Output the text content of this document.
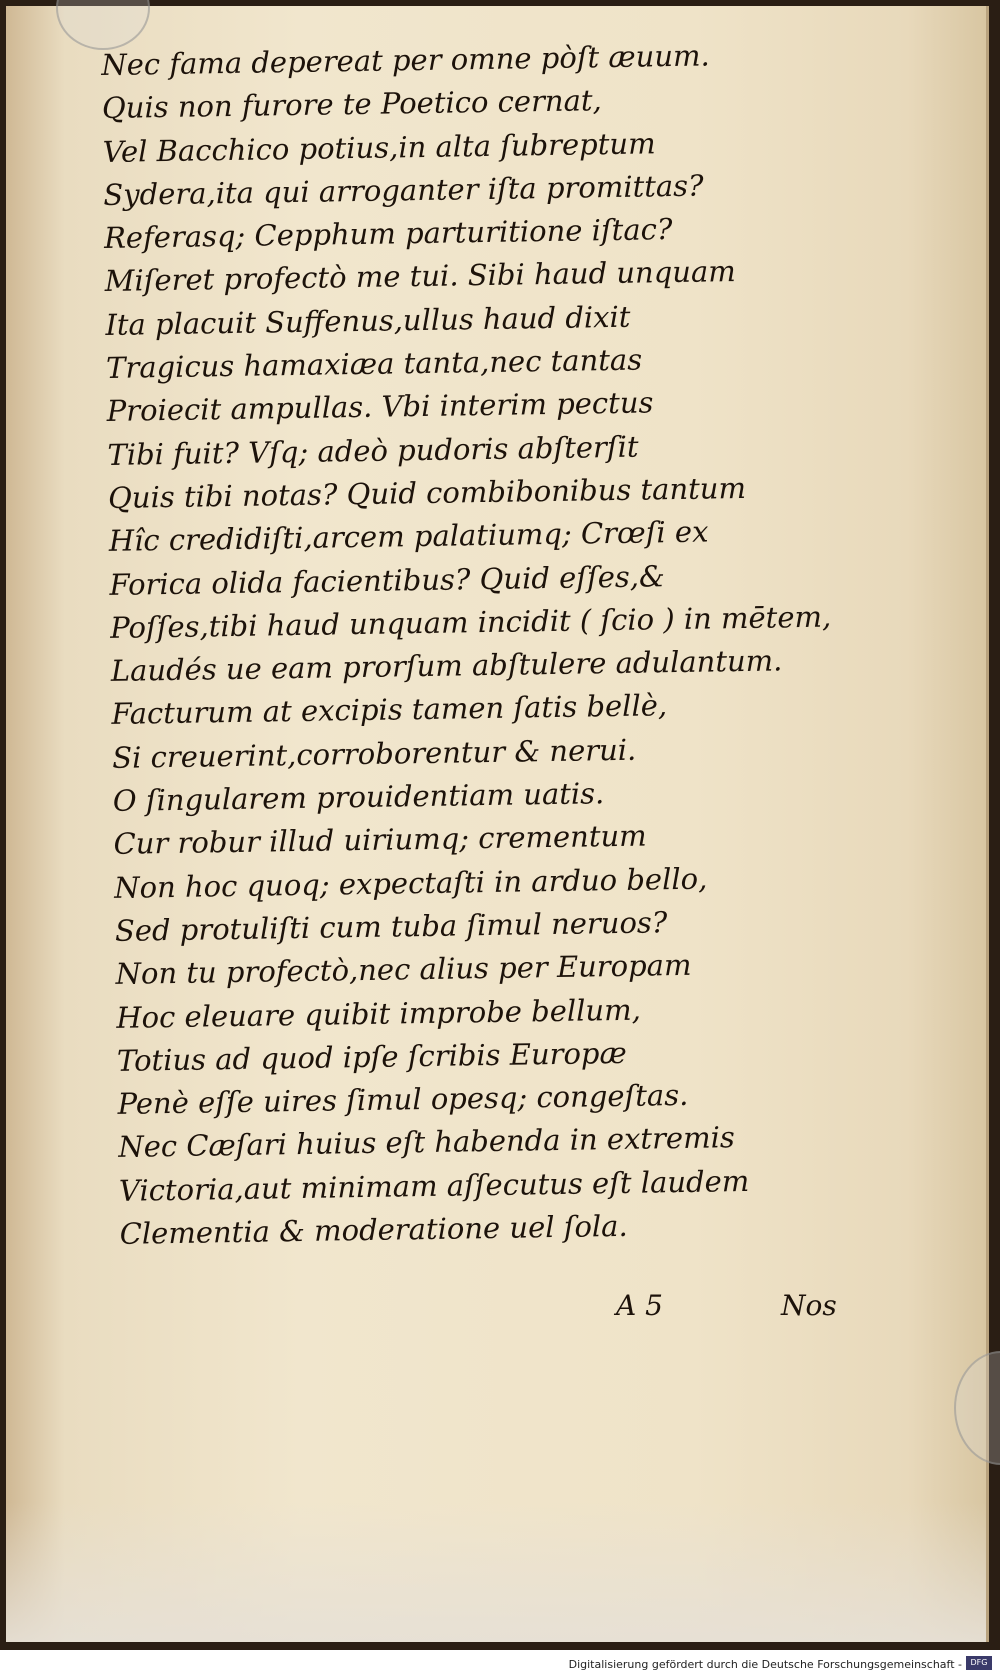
Nec fama depereat per omne pòſt æuum.
Quis non furore te Poetico cernat,
Vel Bacchico potius,in alta ſubreptum
Sydera,ita qui arroganter iſta promittas?
Referasq; Cepphum parturitione iſtac?
Miſeret profectò me tui. Sibi haud unquam
Ita placuit Suffenus,ullus haud dixit
Tragicus hamaxiæa tanta,nec tantas
Proiecit ampullas. Vbi interim pectus
Tibi fuit? Vſq; adeò pudoris abſterſit
Quis tibi notas? Quid combibonibus tantum
Hîc credidiſti,arcem palatiumq; Crœſi ex
Forica olida facientibus? Quid eſſes,&
Poſſes,tibi haud unquam incidit ( ſcio ) in mētem,
Laudés ue eam prorſum abſtulere adulantum.
Facturum at excipis tamen ſatis bellè,
Si creuerint,corroborentur & nerui.
O ſingularem prouidentiam uatis.
Cur robur illud uiriumq; crementum
Non hoc quoq; expectaſti in arduo bello,
Sed protuliſti cum tuba ſimul neruos?
Non tu profectò,nec alius per Europam
Hoc eleuare quibit improbe bellum,
Totius ad quod ipſe ſcribis Europæ
Penè eſſe uires ſimul opesq; congeſtas.
Nec Cæſari huius eſt habenda in extremis
Victoria,aut minimam aſſecutus eſt laudem
Clementia & moderatione uel ſola.
A 5	Nos
Digitalisierung gefördert durch die Deutsche Forschungsgemeinschaft -	DFG
